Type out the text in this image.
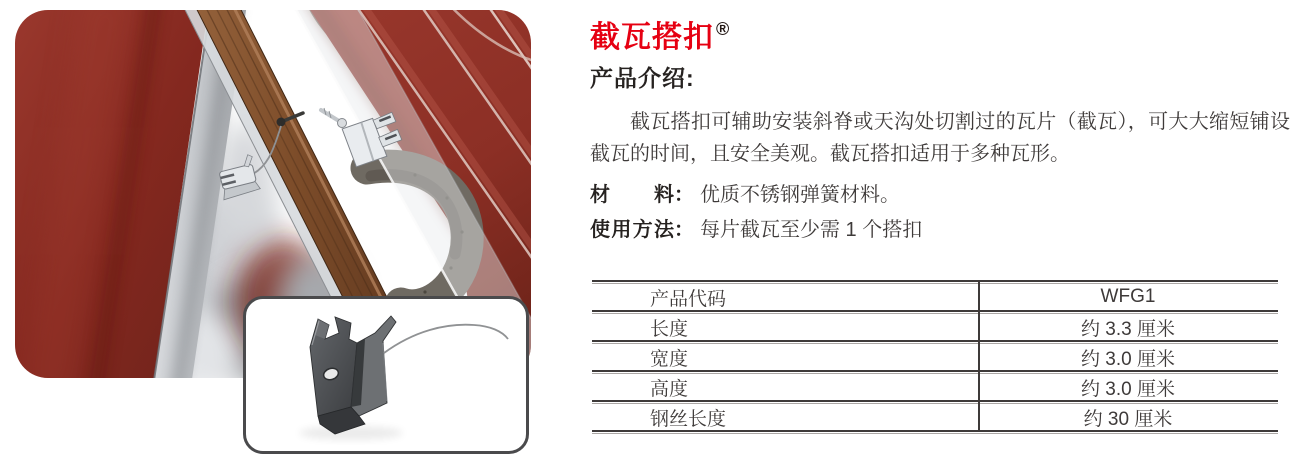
截瓦搭扣 ®
产品介绍:
截瓦搭扣可辅助安装斜脊或天沟处切割过的瓦片（截瓦），可大大缩短铺设截瓦的时间，且安全美观。截瓦搭扣适用于多种瓦形。
材料： 优质不锈钢弹簧材料。
使用方法： 每片截瓦至少需 1 个搭扣
产品代码	WFG1
长度	约 3.3 厘米
宽度	约 3.0 厘米
高度	约 3.0 厘米
钢丝长度	约 30 厘米
